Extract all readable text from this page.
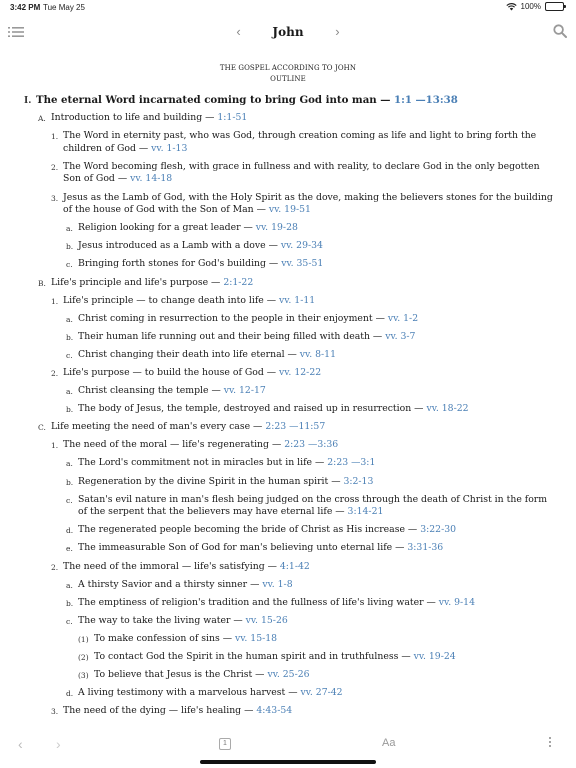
3:42 PM Tue May 25	100%
‹	John ›
THE GOSPEL ACCORDING TO JOHN
OUTLINE
I. The eternal Word incarnated coming to bring God into man — 1:1 —13:38
A. Introduction to life and building — 1:1-51
1. The Word in eternity past, who was God, through creation coming as life and light to bring forth the children of God — vv. 1-13
2. The Word becoming flesh, with grace in fullness and with reality, to declare God in the only begotten Son of God — vv. 14-18
3. Jesus as the Lamb of God, with the Holy Spirit as the dove, making the believers stones for the building of the house of God with the Son of Man — vv. 19-51
a. Religion looking for a great leader — vv. 19-28
b. Jesus introduced as a Lamb with a dove — vv. 29-34
c. Bringing forth stones for God's building — vv. 35-51
B. Life's principle and life's purpose — 2:1-22
1. Life's principle — to change death into life — vv. 1-11
a. Christ coming in resurrection to the people in their enjoyment — vv. 1-2
b. Their human life running out and their being filled with death — vv. 3-7
c. Christ changing their death into life eternal — vv. 8-11
2. Life's purpose — to build the house of God — vv. 12-22
a. Christ cleansing the temple — vv. 12-17
b. The body of Jesus, the temple, destroyed and raised up in resurrection — vv. 18-22
C. Life meeting the need of man's every case — 2:23 —11:57
1. The need of the moral — life's regenerating — 2:23 —3:36
a. The Lord's commitment not in miracles but in life — 2:23 —3:1
b. Regeneration by the divine Spirit in the human spirit — 3:2-13
c. Satan's evil nature in man's flesh being judged on the cross through the death of Christ in the form of the serpent that the believers may have eternal life — 3:14-21
d. The regenerated people becoming the bride of Christ as His increase — 3:22-30
e. The immeasurable Son of God for man's believing unto eternal life — 3:31-36
2. The need of the immoral — life's satisfying — 4:1-42
a. A thirsty Savior and a thirsty sinner — vv. 1-8
b. The emptiness of religion's tradition and the fullness of life's living water — vv. 9-14
c. The way to take the living water — vv. 15-26
(1) To make confession of sins — vv. 15-18
(2) To contact God the Spirit in the human spirit and in truthfulness — vv. 19-24
(3) To believe that Jesus is the Christ — vv. 25-26
d. A living testimony with a marvelous harvest — vv. 27-42
3. The need of the dying — life's healing — 4:43-54
‹ ›	1	Aa
